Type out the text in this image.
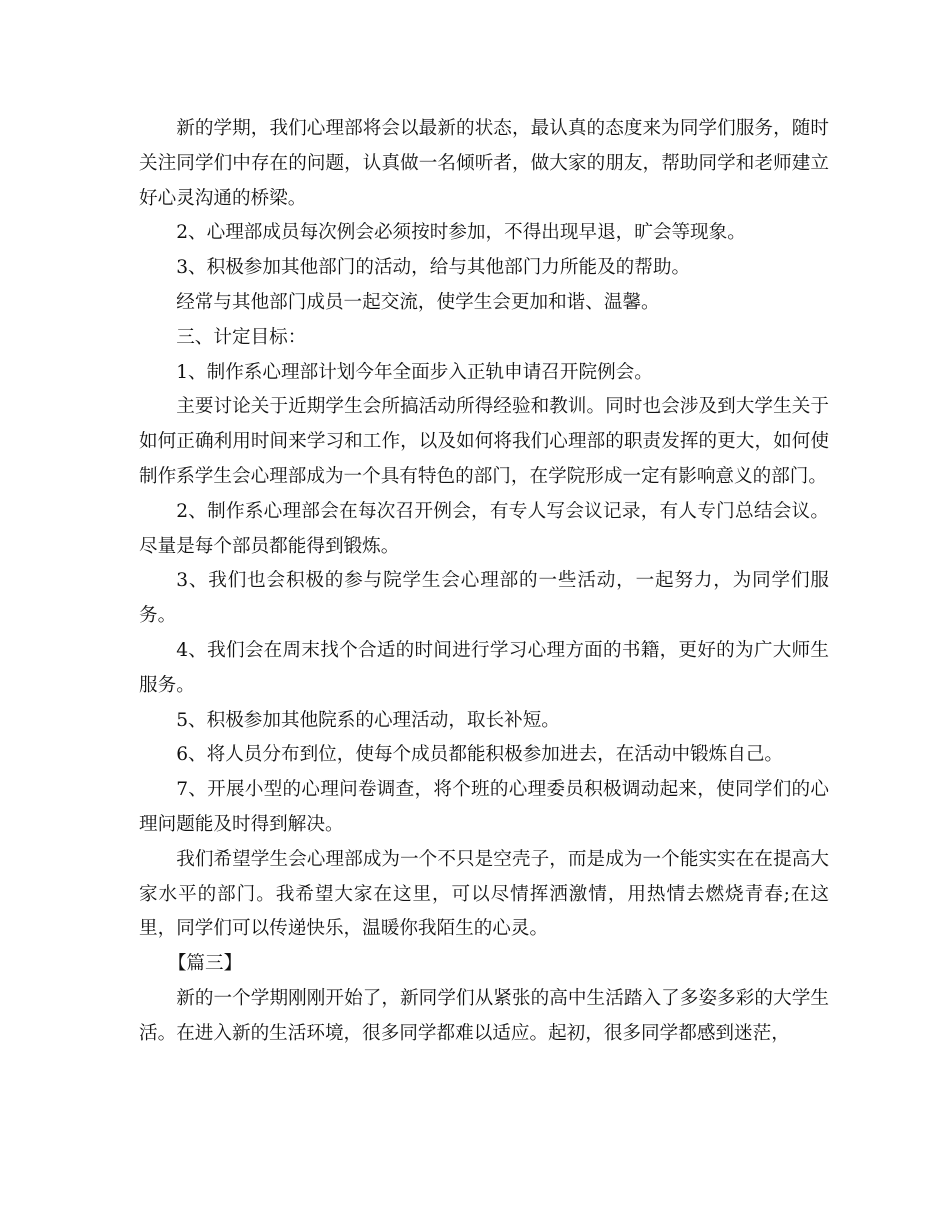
新的学期，我们心理部将会以最新的状态，最认真的态度来为同学们服务，随时关注同学们中存在的问题，认真做一名倾听者，做大家的朋友，帮助同学和老师建立好心灵沟通的桥梁。

2、心理部成员每次例会必须按时参加，不得出现早退，旷会等现象。

3、积极参加其他部门的活动，给与其他部门力所能及的帮助。

经常与其他部门成员一起交流，使学生会更加和谐、温馨。

三、计定目标：

1、制作系心理部计划今年全面步入正轨申请召开院例会。

主要讨论关于近期学生会所搞活动所得经验和教训。同时也会涉及到大学生关于如何正确利用时间来学习和工作，以及如何将我们心理部的职责发挥的更大，如何使制作系学生会心理部成为一个具有特色的部门，在学院形成一定有影响意义的部门。

2、制作系心理部会在每次召开例会，有专人写会议记录，有人专门总结会议。尽量是每个部员都能得到锻炼。

3、我们也会积极的参与院学生会心理部的一些活动，一起努力，为同学们服务。

4、我们会在周末找个合适的时间进行学习心理方面的书籍，更好的为广大师生服务。

5、积极参加其他院系的心理活动，取长补短。

6、将人员分布到位，使每个成员都能积极参加进去，在活动中锻炼自己。

7、开展小型的心理问卷调查，将个班的心理委员积极调动起来，使同学们的心理问题能及时得到解决。

我们希望学生会心理部成为一个不只是空壳子，而是成为一个能实实在在提高大家水平的部门。我希望大家在这里，可以尽情挥洒激情，用热情去燃烧青春;在这里，同学们可以传递快乐，温暖你我陌生的心灵。

【篇三】

新的一个学期刚刚开始了，新同学们从紧张的高中生活踏入了多姿多彩的大学生活。在进入新的生活环境，很多同学都难以适应。起初，很多同学都感到迷茫，
